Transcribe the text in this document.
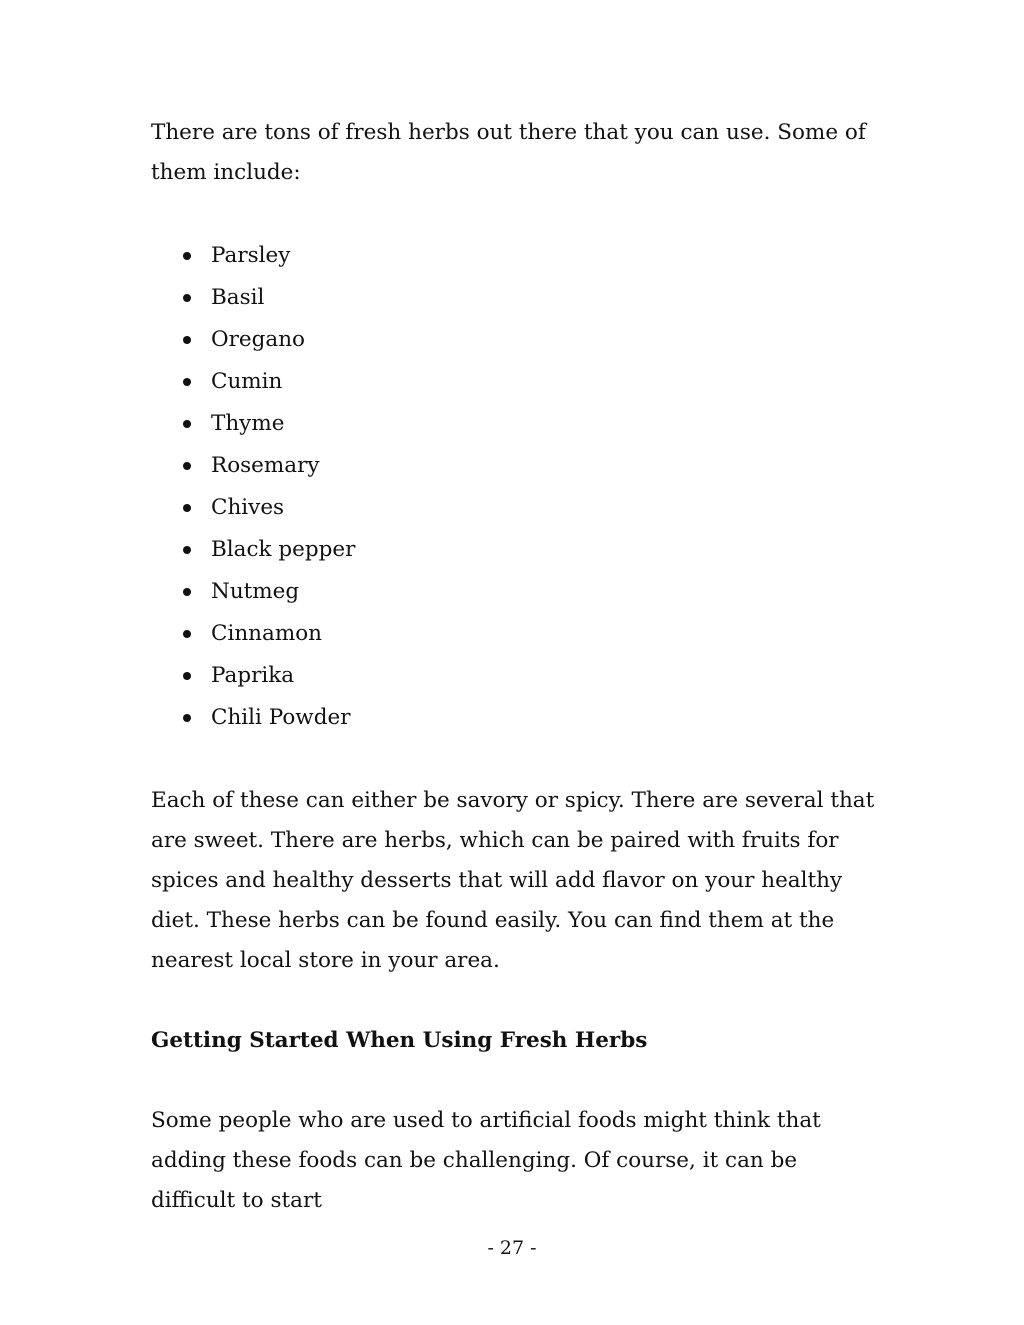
There are tons of fresh herbs out there that you can use. Some of them include:

Parsley
Basil
Oregano
Cumin
Thyme
Rosemary
Chives
Black pepper
Nutmeg
Cinnamon
Paprika
Chili Powder

Each of these can either be savory or spicy. There are several that are sweet. There are herbs, which can be paired with fruits for spices and healthy desserts that will add flavor on your healthy diet. These herbs can be found easily. You can find them at the nearest local store in your area.

Getting Started When Using Fresh Herbs

Some people who are used to artificial foods might think that adding these foods can be challenging. Of course, it can be difficult to start

- 27 -
